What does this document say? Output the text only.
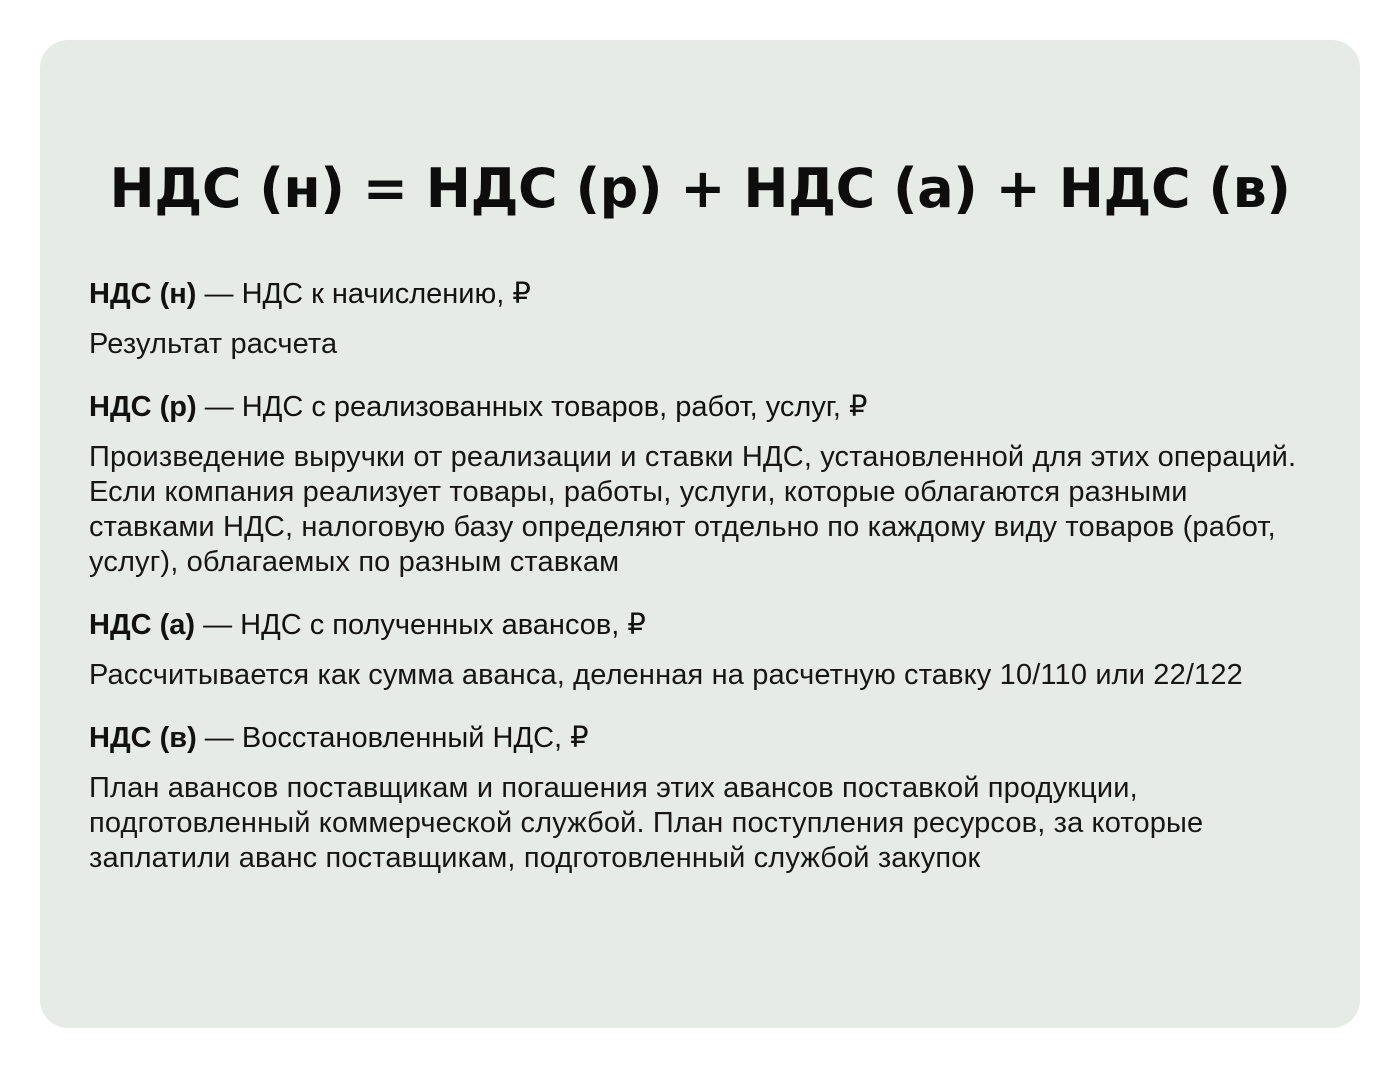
НДС (н) = НДС (р) + НДС (а) + НДС (в)

НДС (н) — НДС к начислению, ₽

Результат расчета

НДС (р) — НДС с реализованных товаров, работ, услуг, ₽

Произведение выручки от реализации и ставки НДС, установленной для этих операций. Если компания реализует товары, работы, услуги, которые облагаются разными ставками НДС, налоговую базу определяют отдельно по каждому виду товаров (работ, услуг), облагаемых по разным ставкам

НДС (а) — НДС с полученных авансов, ₽

Рассчитывается как сумма аванса, деленная на расчетную ставку 10/110 или 22/122

НДС (в) — Восстановленный НДС, ₽

План авансов поставщикам и погашения этих авансов поставкой продукции, подготовленный коммерческой службой. План поступления ресурсов, за которые заплатили аванс поставщикам, подготовленный службой закупок
